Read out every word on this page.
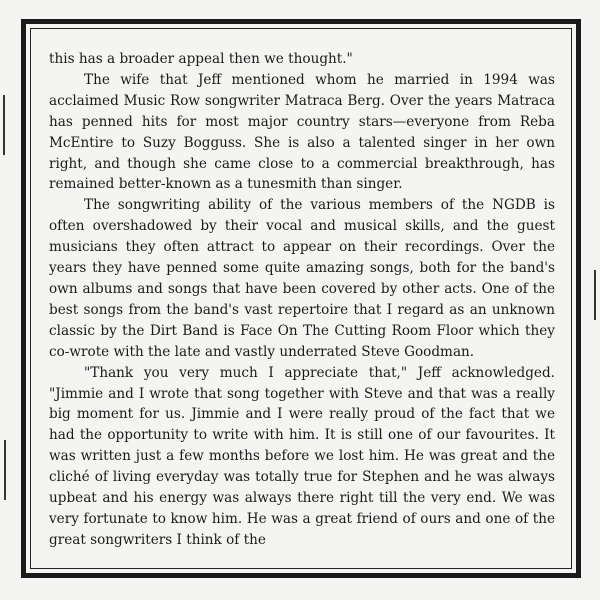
this has a broader appeal then we thought."

The wife that Jeff mentioned whom he married in 1994 was acclaimed Music Row songwriter Matraca Berg. Over the years Matraca has penned hits for most major country stars—everyone from Reba McEntire to Suzy Bogguss. She is also a talented singer in her own right, and though she came close to a commercial breakthrough, has remained better-known as a tunesmith than singer.

The songwriting ability of the various members of the NGDB is often overshadowed by their vocal and musical skills, and the guest musicians they often attract to appear on their recordings. Over the years they have penned some quite amazing songs, both for the band's own albums and songs that have been covered by other acts. One of the best songs from the band's vast repertoire that I regard as an unknown classic by the Dirt Band is Face On The Cutting Room Floor which they co-wrote with the late and vastly underrated Steve Goodman.

"Thank you very much I appreciate that," Jeff acknowledged. "Jimmie and I wrote that song together with Steve and that was a really big moment for us. Jimmie and I were really proud of the fact that we had the opportunity to write with him. It is still one of our favourites. It was written just a few months before we lost him. He was great and the cliché of living everyday was totally true for Stephen and he was always upbeat and his energy was always there right till the very end. We was very fortunate to know him. He was a great friend of ours and one of the great songwriters I think of the
